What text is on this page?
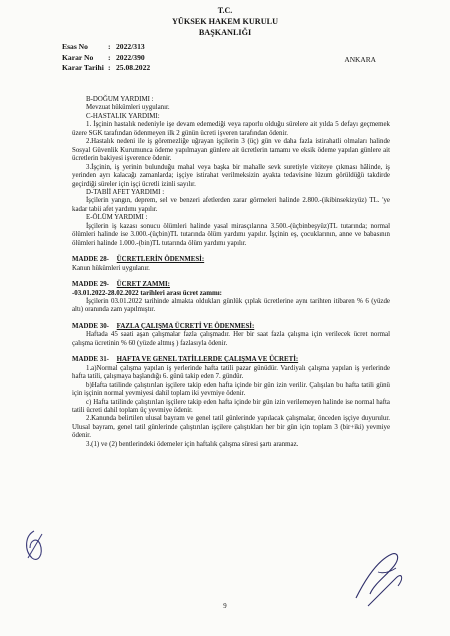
T.C.
YÜKSEK HAKEM KURULU
BAŞKANLIĞI
Esas No	: 2022/313
Karar No	: 2022/390
Karar Tarihi : 25.08.2022
ANKARA
B-DOĞUM YARDIMI :
Mevzuat hükümleri uygulanır.
C-HASTALIK YARDIMI:
1. İşçinin hastalık nedeniyle işe devam edemediği veya raporlu olduğu sürelere ait yılda 5 defayı geçmemek üzere SGK tarafından ödenmeyen ilk 2 günün ücreti işveren tarafından ödenir.
2.Hastalık nedeni ile iş göremezliğe uğrayan işçilerin 3 (üç) gün ve daha fazla istirahatli olmaları halinde Sosyal Güvenlik Kurumunca ödeme yapılmayan günlere ait ücretlerin tamamı ve eksik ödeme yapılan günlere ait ücretlerin bakiyesi işverence ödenir.
3.İşçinin, iş yerinin bulunduğu mahal veya başka bir mahalle sevk suretiyle viziteye çıkması hâlinde, iş yerinden ayrı kalacağı zamanlarda; işçiye istirahat verilmeksizin ayakta tedavisine lüzum görüldüğü takdirde geçirdiği süreler için işçi ücretli izinli sayılır.
D-TABİİ AFET YARDIMI :
İşçilerin yangın, deprem, sel ve benzeri afetlerden zarar görmeleri halinde 2.800.-(ikibinsekizyüz) TL. 'ye kadar tabii afet yardımı yapılır.
E-ÖLÜM YARDIMI :
İşçilerin iş kazası sonucu ölümleri halinde yasal mirasçılarına 3.500.-(üçbinbeşyüz)TL tutarında; normal ölümleri halinde ise 3.000.-(üçbin)TL tutarında ölüm yardımı yapılır. İşçinin eş, çocuklarının, anne ve babasının ölümleri halinde 1.000.-(bin)TL tutarında ölüm yardımı yapılır.
MADDE 28- ÜCRETLERİN ÖDENMESİ:
Kanun hükümleri uygulanır.
MADDE 29- ÜCRET ZAMMI:
-03.01.2022-28.02.2022 tarihleri arası ücret zammı:
İşçilerin 03.01.2022 tarihinde almakta oldukları günlük çıplak ücretlerine aynı tarihten itibaren % 6 (yüzde altı) oranında zam yapılmıştır.
MADDE 30- FAZLA ÇALIŞMA ÜCRETİ VE ÖDENMESİ:
Haftada 45 saati aşan çalışmalar fazla çalışmadır. Her bir saat fazla çalışma için verilecek ücret normal çalışma ücretinin % 60 (yüzde altmış ) fazlasıyla ödenir.
MADDE 31- HAFTA VE GENEL TATİLLERDE ÇALIŞMA VE ÜCRETİ:
1.a)Normal çalışma yapılan iş yerlerinde hafta tatili pazar günüdür. Vardiyalı çalışma yapılan iş yerlerinde hafta tatili, çalışmaya başlandığı 6. günü takip eden 7. gündür.
b)Hafta tatilinde çalıştırılan işçilere takip eden hafta içinde bir gün izin verilir. Çalışılan bu hafta tatili günü için işçinin normal yevmiyesi dahil toplam iki yevmiye ödenir.
c) Hafta tatilinde çalıştırılan işçilere takip eden hafta içinde bir gün izin verilemeyen halinde ise normal hafta tatili ücreti dahil toplam üç yevmiye ödenir.
2.Kanunda belirtilen ulusal bayram ve genel tatil günlerinde yapılacak çalışmalar, önceden işçiye duyurulur. Ulusal bayram, genel tatil günlerinde çalıştırılan işçilere çalıştıkları her bir gün için toplam 3 (bir+iki) yevmiye ödenir.
3.(1) ve (2) bentlerindeki ödemeler için haftalık çalışma süresi şartı aranmaz.
9
